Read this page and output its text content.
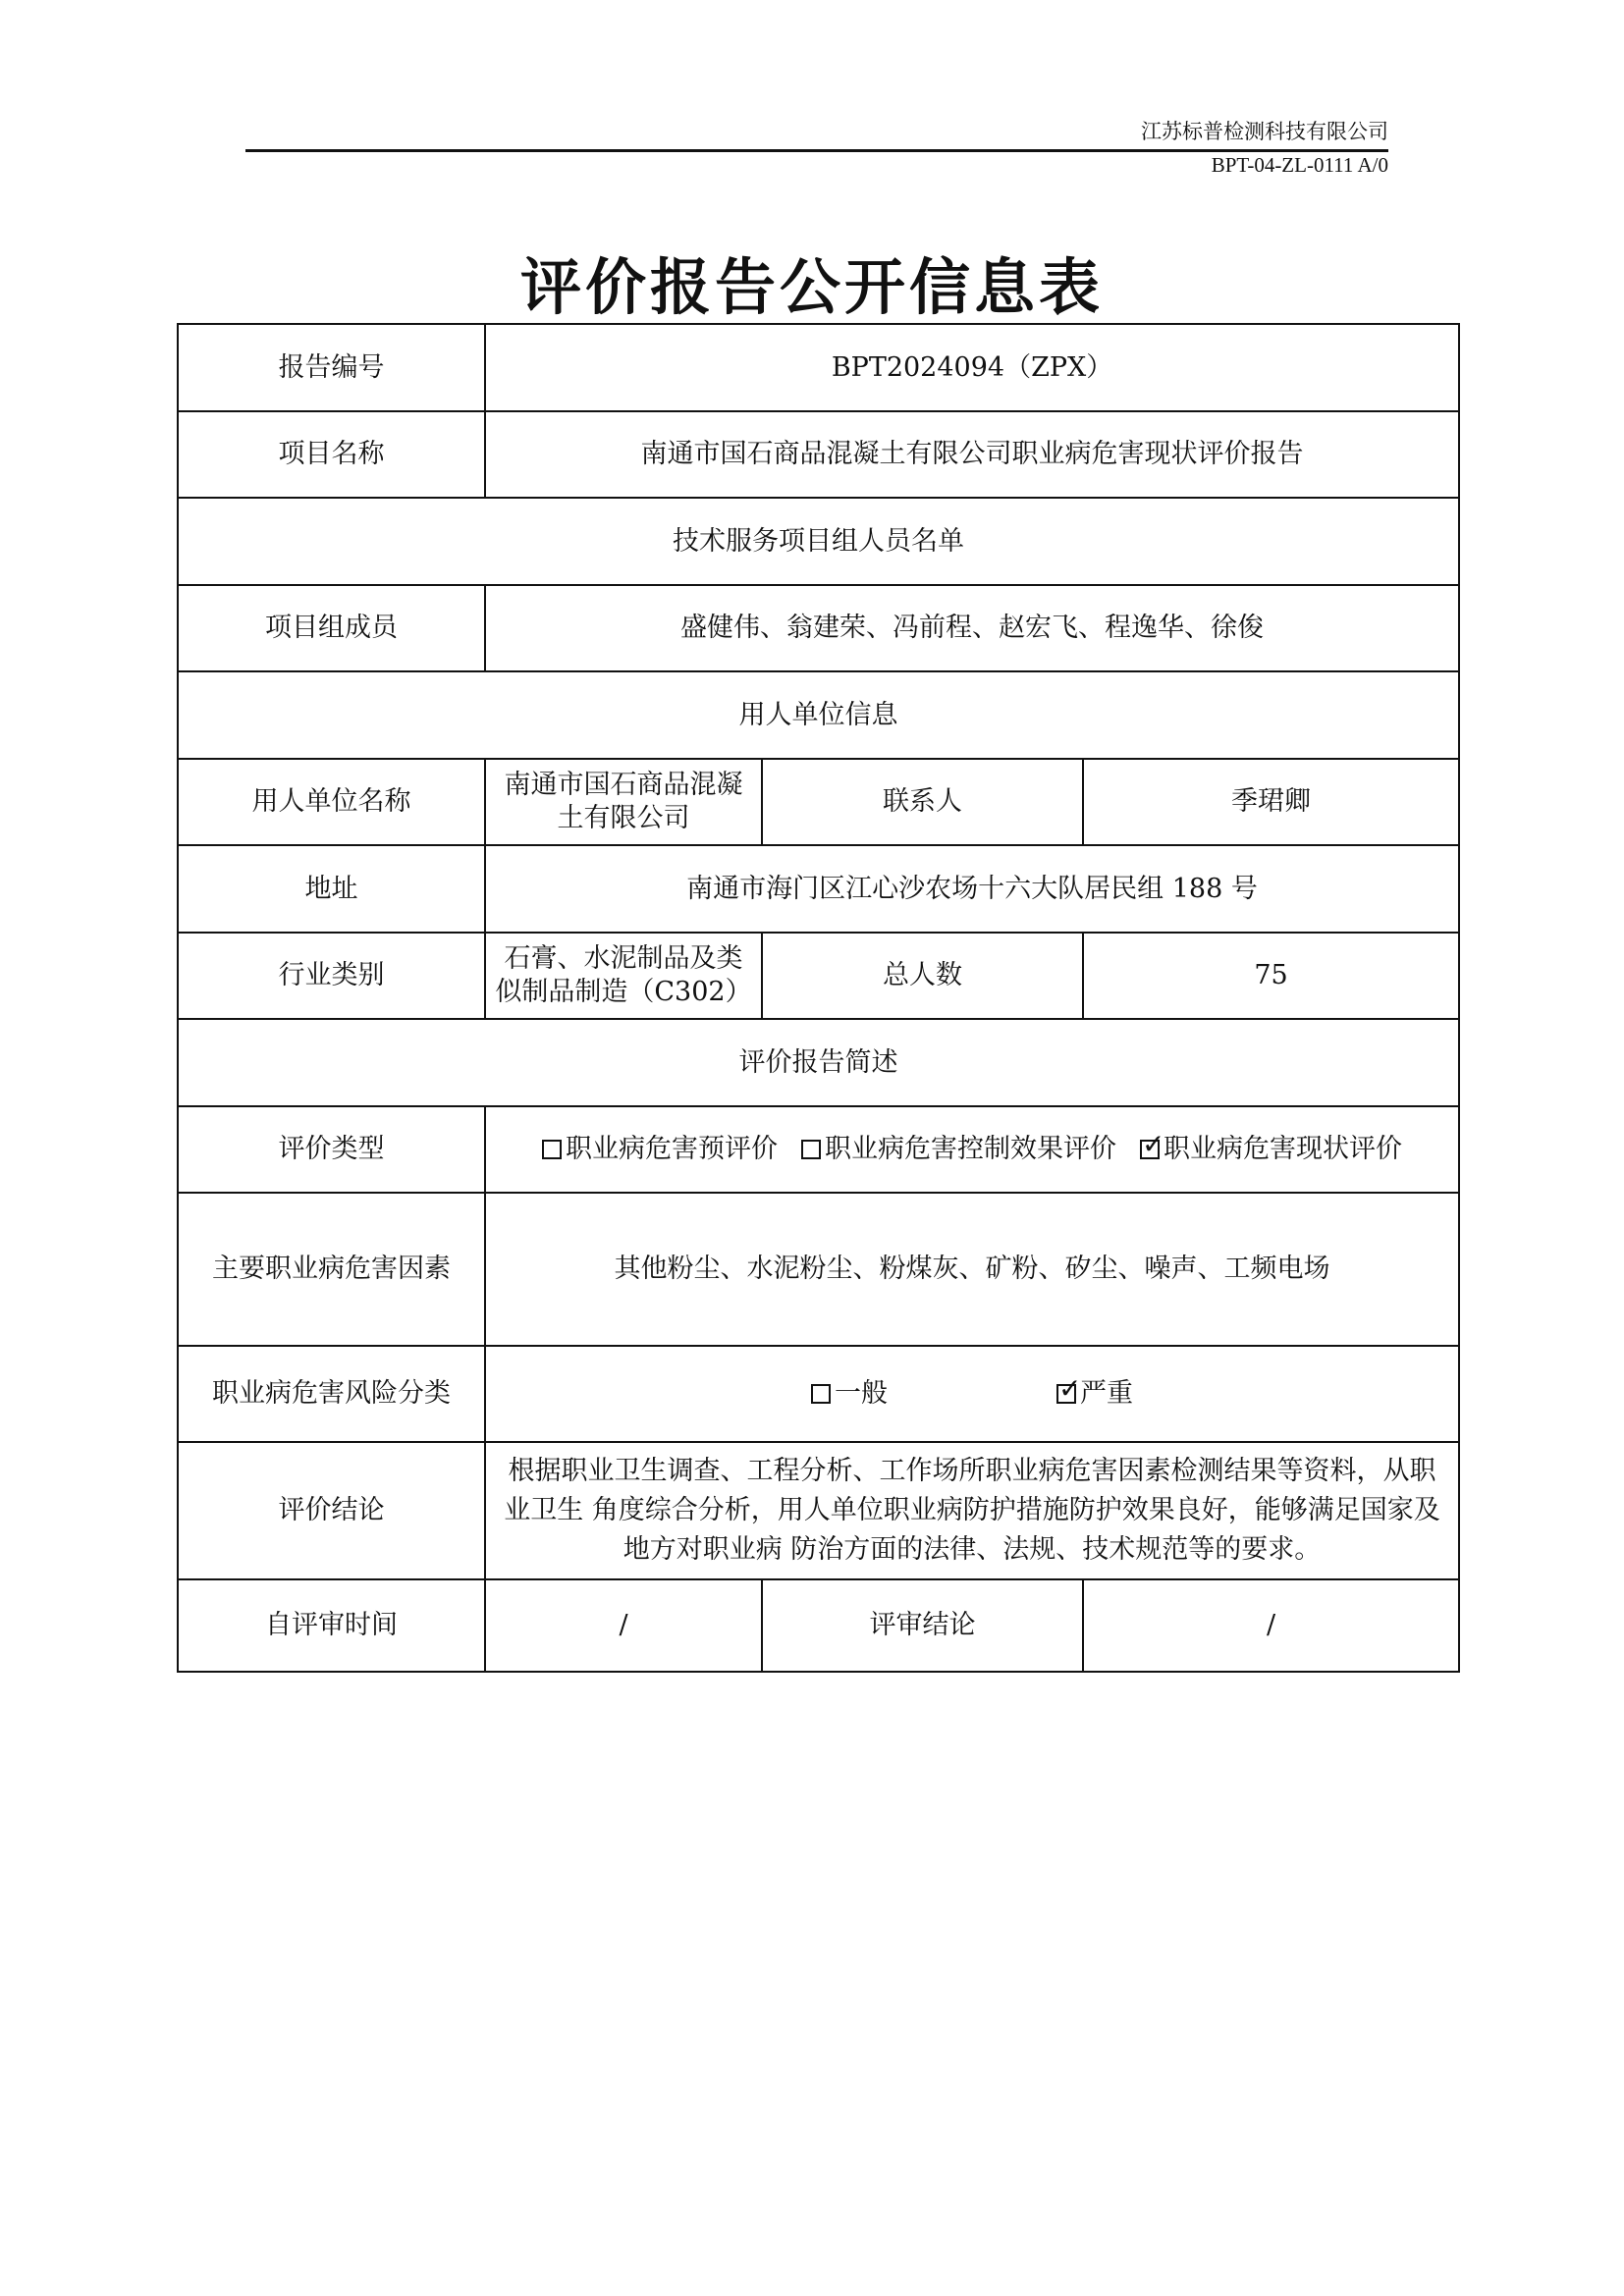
江苏标普检测科技有限公司
BPT-04-ZL-0111 A/0
评价报告公开信息表
报告编号	BPT2024094（ZPX）		
项目名称	南通市国石商品混凝土有限公司职业病危害现状评价报告		
技术服务项目组人员名单			
项目组成员	盛健伟、翁建荣、冯前程、赵宏飞、程逸华、徐俊		
用人单位信息			
用人单位名称	南通市国石商品混凝土有限公司	联系人	季珺卿
地址	南通市海门区江心沙农场十六大队居民组 188 号		
行业类别	石膏、水泥制品及类似制品制造（C302）	总人数	75
评价报告简述			
评价类型	职业病危害预评价 职业病危害控制效果评价 ✓ 职业病危害现状评价
主要职业病危害因素	其他粉尘、水泥粉尘、粉煤灰、矿粉、矽尘、噪声、工频电场		
职业病危害风险分类	一般 ✓ 严重
评价结论	根据职业卫生调查、工程分析、工作场所职业病危害因素检测结果等资料，从职业卫生 角度综合分析，用人单位职业病防护措施防护效果良好，能够满足国家及地方对职业病 防治方面的法律、法规、技术规范等的要求。		
自评审时间	/	评审结论	/
